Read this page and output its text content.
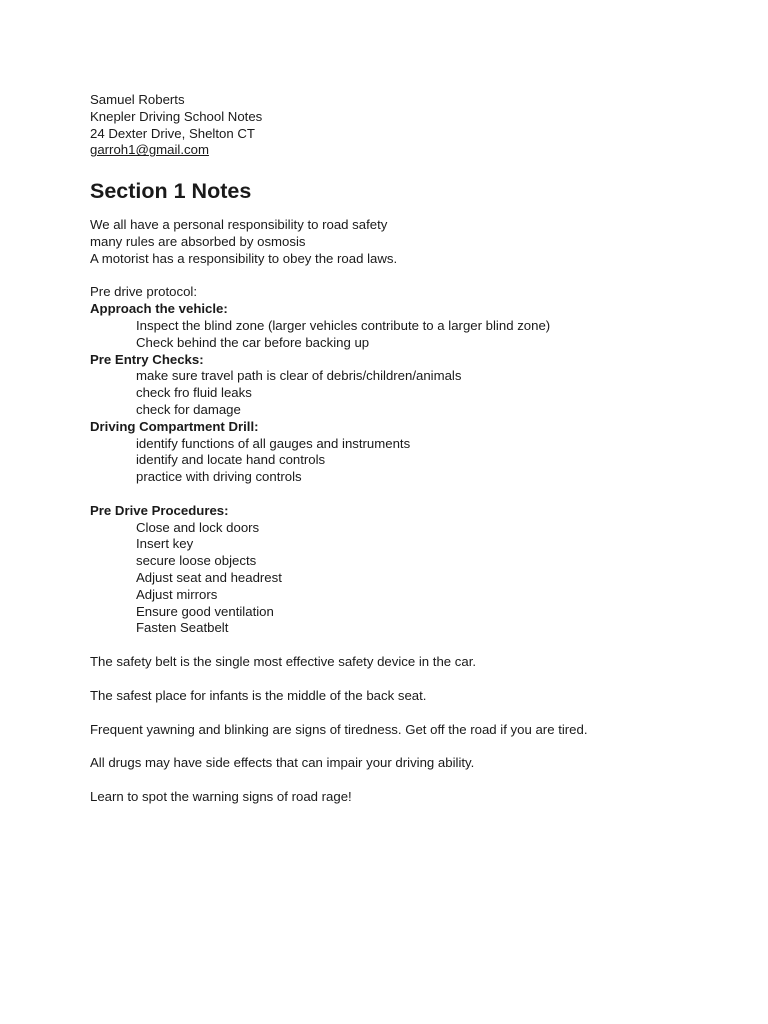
Samuel Roberts
Knepler Driving School Notes
24 Dexter Drive, Shelton CT
garroh1@gmail.com
Section 1 Notes
We all have a personal responsibility to road safety
many rules are absorbed by osmosis
A motorist has a responsibility to obey the road laws.
Pre drive protocol:
Approach the vehicle:
Inspect the blind zone (larger vehicles contribute to a larger blind zone)
Check behind the car before backing up
Pre Entry Checks:
make sure travel path is clear of debris/children/animals
check fro fluid leaks
check for damage
Driving Compartment Drill:
identify functions of all gauges and instruments
identify and locate hand controls
practice with driving controls
Pre Drive Procedures:
Close and lock doors
Insert key
secure loose objects
Adjust seat and headrest
Adjust mirrors
Ensure good ventilation
Fasten Seatbelt
The safety belt is the single most effective safety device in the car.
The safest place for infants is the middle of the back seat.
Frequent yawning and blinking are signs of tiredness. Get off the road if you are tired.
All drugs may have side effects that can impair your driving ability.
Learn to spot the warning signs of road rage!
